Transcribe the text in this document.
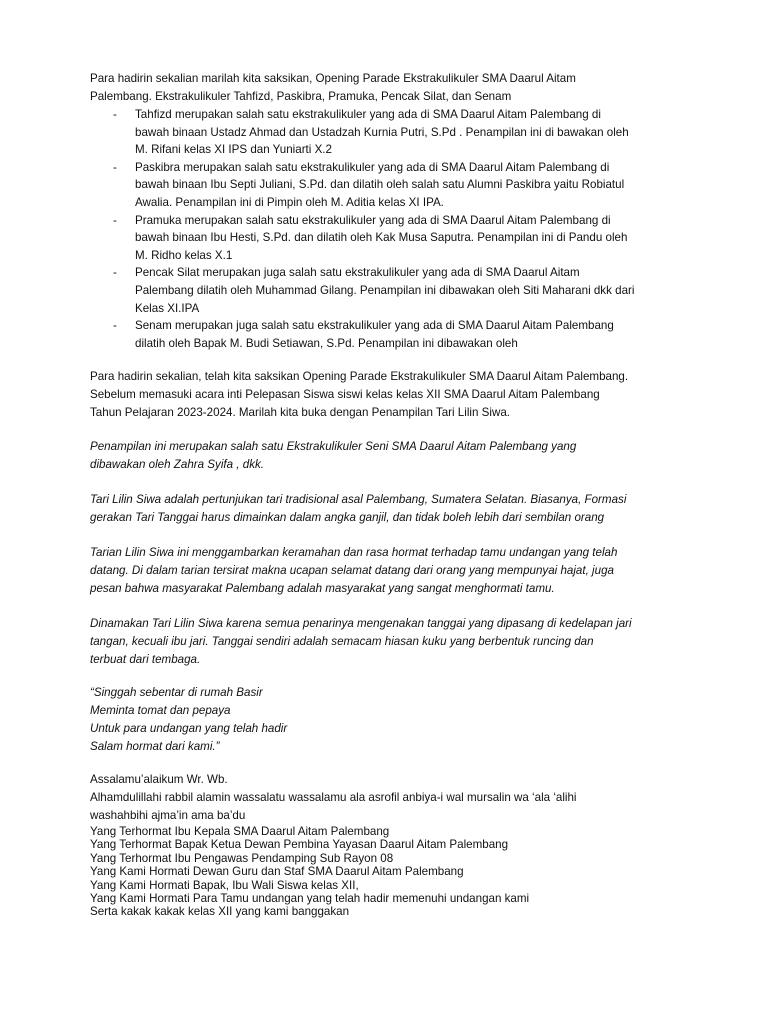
Para hadirin sekalian marilah kita saksikan, Opening Parade Ekstrakulikuler SMA Daarul Aitam
Palembang. Ekstrakulikuler Tahfizd, Paskibra, Pramuka, Pencak Silat, dan Senam

- Tahfizd merupakan salah satu ekstrakulikuler yang ada di SMA Daarul Aitam Palembang di
bawah binaan Ustadz Ahmad dan Ustadzah Kurnia Putri, S.Pd . Penampilan ini di bawakan oleh
M. Rifani kelas XI IPS dan Yuniarti X.2
- Paskibra merupakan salah satu ekstrakulikuler yang ada di SMA Daarul Aitam Palembang di
bawah binaan Ibu Septi Juliani, S.Pd. dan dilatih oleh salah satu Alumni Paskibra yaitu Robiatul
Awalia. Penampilan ini di Pimpin oleh M. Aditia kelas XI IPA.
- Pramuka merupakan salah satu ekstrakulikuler yang ada di SMA Daarul Aitam Palembang di
bawah binaan Ibu Hesti, S.Pd. dan dilatih oleh Kak Musa Saputra. Penampilan ini di Pandu oleh
M. Ridho kelas X.1
- Pencak Silat merupakan juga salah satu ekstrakulikuler yang ada di SMA Daarul Aitam
Palembang dilatih oleh Muhammad Gilang. Penampilan ini dibawakan oleh Siti Maharani dkk dari
Kelas XI.IPA
- Senam merupakan juga salah satu ekstrakulikuler yang ada di SMA Daarul Aitam Palembang
dilatih oleh Bapak M. Budi Setiawan, S.Pd. Penampilan ini dibawakan oleh

Para hadirin sekalian, telah kita saksikan Opening Parade Ekstrakulikuler SMA Daarul Aitam Palembang.
Sebelum memasuki acara inti Pelepasan Siswa siswi kelas kelas XII SMA Daarul Aitam Palembang
Tahun Pelajaran 2023-2024. Marilah kita buka dengan Penampilan Tari Lilin Siwa.

Penampilan ini merupakan salah satu Ekstrakulikuler Seni SMA Daarul Aitam Palembang yang
dibawakan oleh Zahra Syifa , dkk.

Tari Lilin Siwa adalah pertunjukan tari tradisional asal Palembang, Sumatera Selatan. Biasanya, Formasi
gerakan Tari Tanggai harus dimainkan dalam angka ganjil, dan tidak boleh lebih dari sembilan orang

Tarian Lilin Siwa ini menggambarkan keramahan dan rasa hormat terhadap tamu undangan yang telah
datang. Di dalam tarian tersirat makna ucapan selamat datang dari orang yang mempunyai hajat, juga
pesan bahwa masyarakat Palembang adalah masyarakat yang sangat menghormati tamu.

Dinamakan Tari Lilin Siwa karena semua penarinya mengenakan tanggai yang dipasang di kedelapan jari
tangan, kecuali ibu jari. Tanggai sendiri adalah semacam hiasan kuku yang berbentuk runcing dan
terbuat dari tembaga.

“Singgah sebentar di rumah Basir
Meminta tomat dan pepaya
Untuk para undangan yang telah hadir
Salam hormat dari kami.”

Assalamu’alaikum Wr. Wb.
Alhamdulillahi rabbil alamin wassalatu wassalamu ala asrofil anbiya-i wal mursalin wa ‘ala ‘alihi
washahbihi ajma’in ama ba’du

Yang Terhormat Ibu Kepala SMA Daarul Aitam Palembang
Yang Terhormat Bapak Ketua Dewan Pembina Yayasan Daarul Aitam Palembang
Yang Terhormat Ibu Pengawas Pendamping Sub Rayon 08
Yang Kami Hormati Dewan Guru dan Staf SMA Daarul Aitam Palembang
Yang Kami Hormati Bapak, Ibu Wali Siswa kelas XII,
Yang Kami Hormati Para Tamu undangan yang telah hadir memenuhi undangan kami
Serta kakak kakak kelas XII yang kami banggakan
